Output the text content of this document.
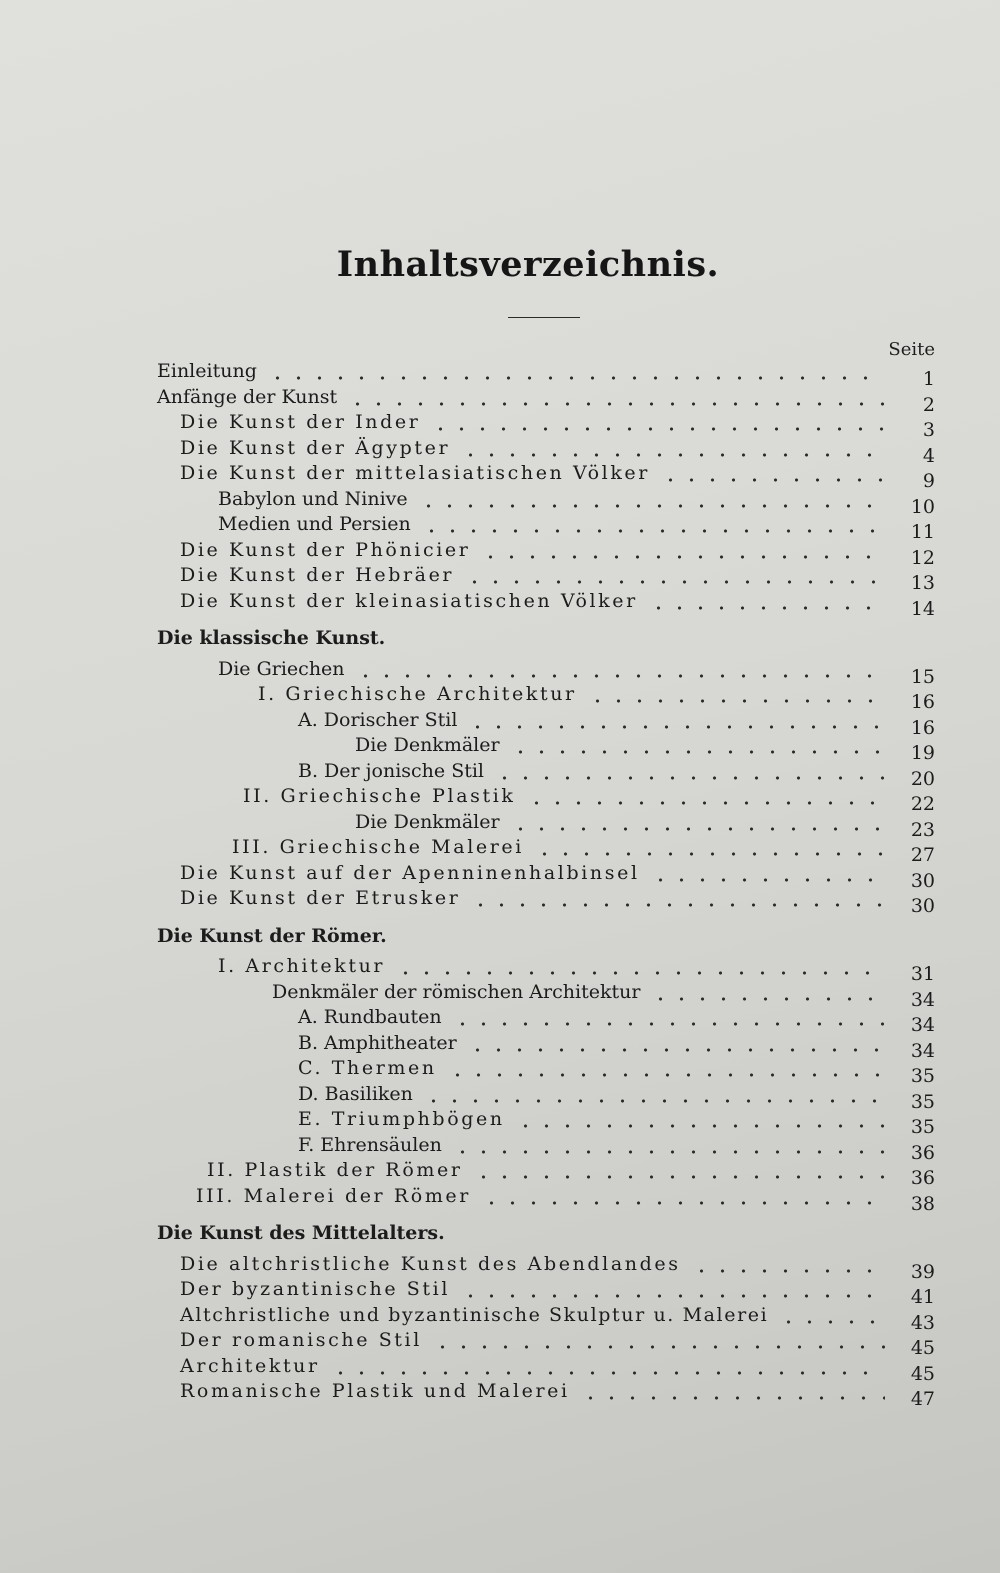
Inhaltsverzeichnis.
Seite
Einleitung	1
Anfänge der Kunst	2
Die Kunst der Inder	3
Die Kunst der Ägypter	4
Die Kunst der mittelasiatischen Völker	9
Babylon und Ninive	10
Medien und Persien	11
Die Kunst der Phönicier	12
Die Kunst der Hebräer	13
Die Kunst der kleinasiatischen Völker	14
Die klassische Kunst.
Die Griechen	15
I. Griechische Architektur	16
A. Dorischer Stil	16
Die Denkmäler	19
B. Der jonische Stil	20
II. Griechische Plastik	22
Die Denkmäler	23
III. Griechische Malerei	27
Die Kunst auf der Apenninenhalbinsel	30
Die Kunst der Etrusker	30
Die Kunst der Römer.
I. Architektur	31
Denkmäler der römischen Architektur	34
A. Rundbauten	34
B. Amphitheater	34
C. Thermen	35
D. Basiliken	35
E. Triumphbögen	35
F. Ehrensäulen	36
II. Plastik der Römer	36
III. Malerei der Römer	38
Die Kunst des Mittelalters.
Die altchristliche Kunst des Abendlandes	39
Der byzantinische Stil	41
Altchristliche und byzantinische Skulptur u. Malerei	43
Der romanische Stil	45
Architektur	45
Romanische Plastik und Malerei	47
